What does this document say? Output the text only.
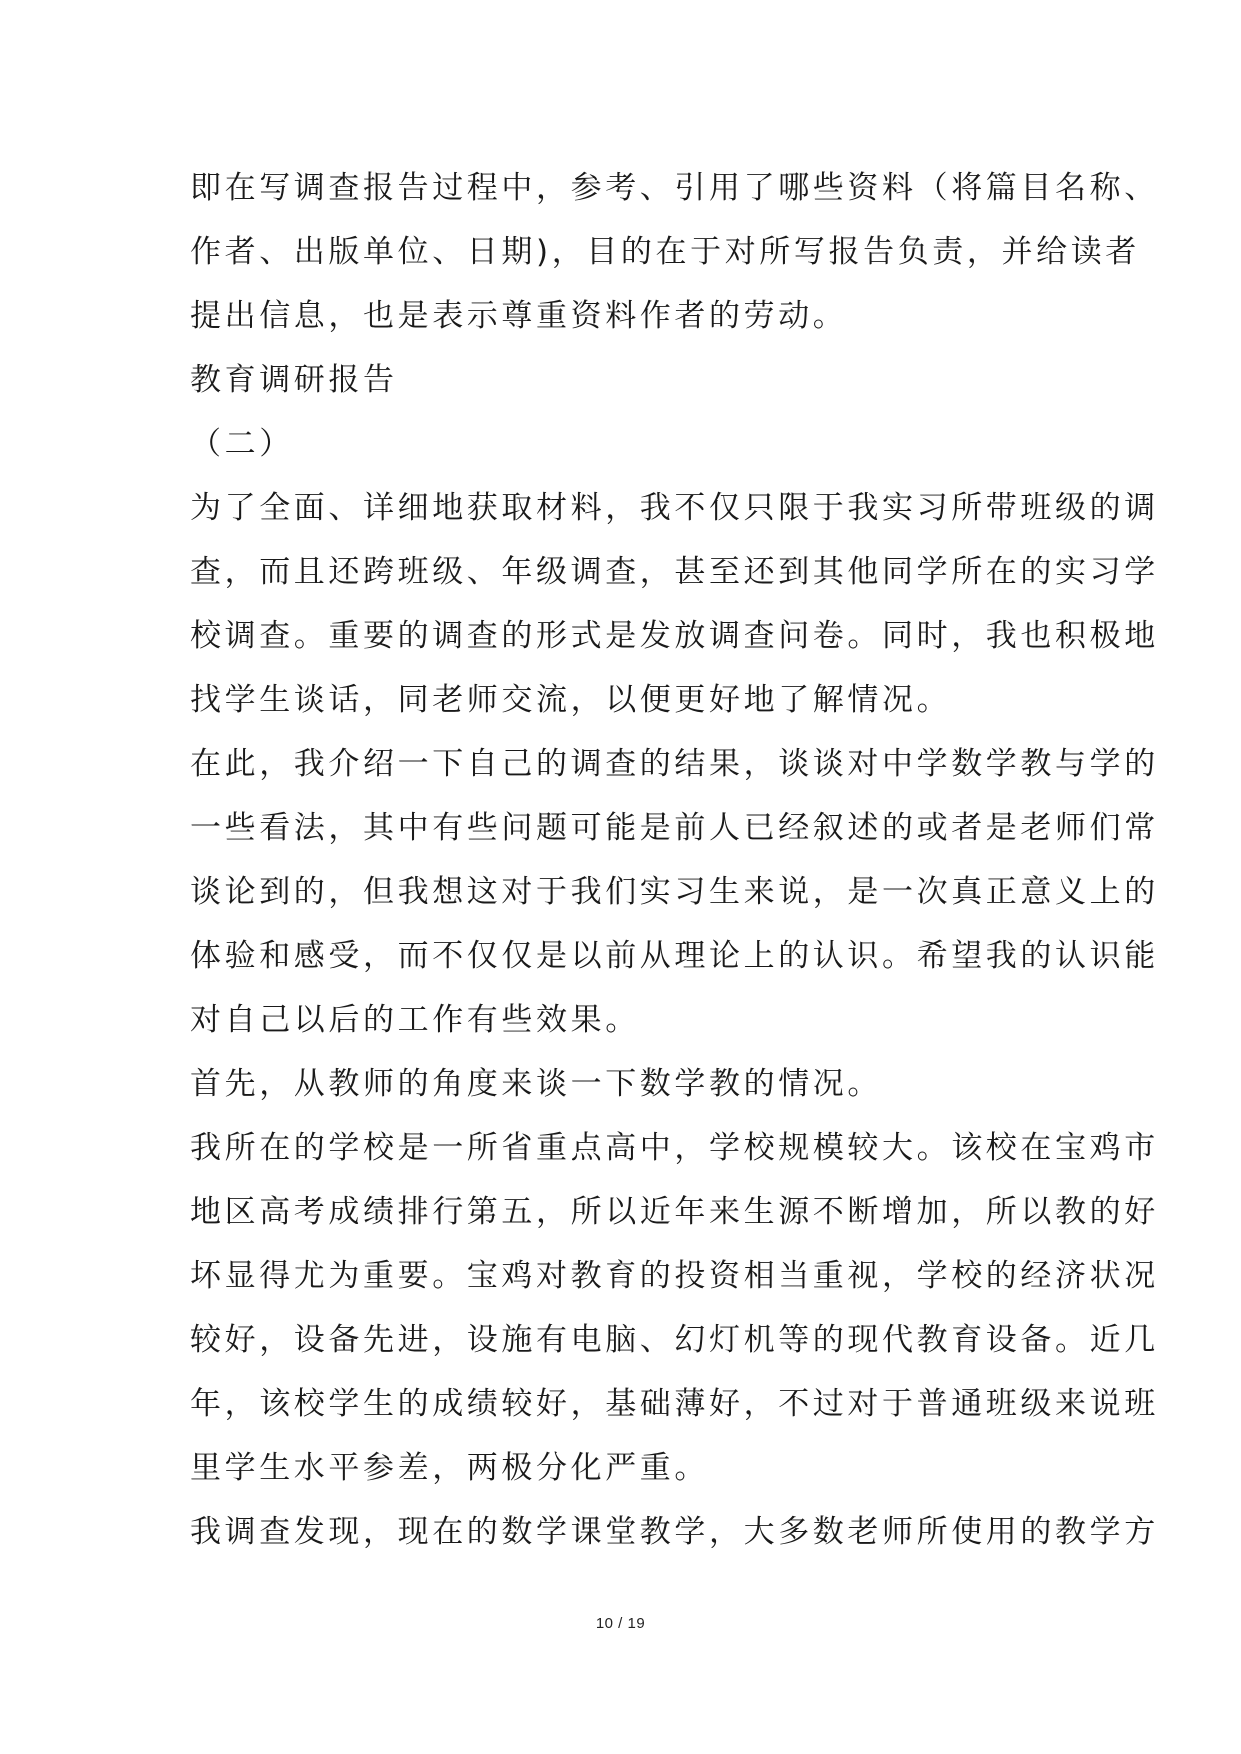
即在写调查报告过程中，参考、引用了哪些资料（将篇目名称、
作者、出版单位、日期)，目的在于对所写报告负责，并给读者
提出信息，也是表示尊重资料作者的劳动。
教育调研报告
（二）
为了全面、详细地获取材料，我不仅只限于我实习所带班级的调
查，而且还跨班级、年级调查，甚至还到其他同学所在的实习学
校调查。重要的调查的形式是发放调查问卷。同时，我也积极地
找学生谈话，同老师交流，以便更好地了解情况。
在此，我介绍一下自己的调查的结果，谈谈对中学数学教与学的
一些看法，其中有些问题可能是前人已经叙述的或者是老师们常
谈论到的，但我想这对于我们实习生来说，是一次真正意义上的
体验和感受，而不仅仅是以前从理论上的认识。希望我的认识能
对自己以后的工作有些效果。
首先，从教师的角度来谈一下数学教的情况。
我所在的学校是一所省重点高中，学校规模较大。该校在宝鸡市
地区高考成绩排行第五，所以近年来生源不断增加，所以教的好
坏显得尤为重要。宝鸡对教育的投资相当重视，学校的经济状况
较好，设备先进，设施有电脑、幻灯机等的现代教育设备。近几
年，该校学生的成绩较好，基础薄好，不过对于普通班级来说班
里学生水平参差，两极分化严重。
我调查发现，现在的数学课堂教学，大多数老师所使用的教学方
10 / 19
